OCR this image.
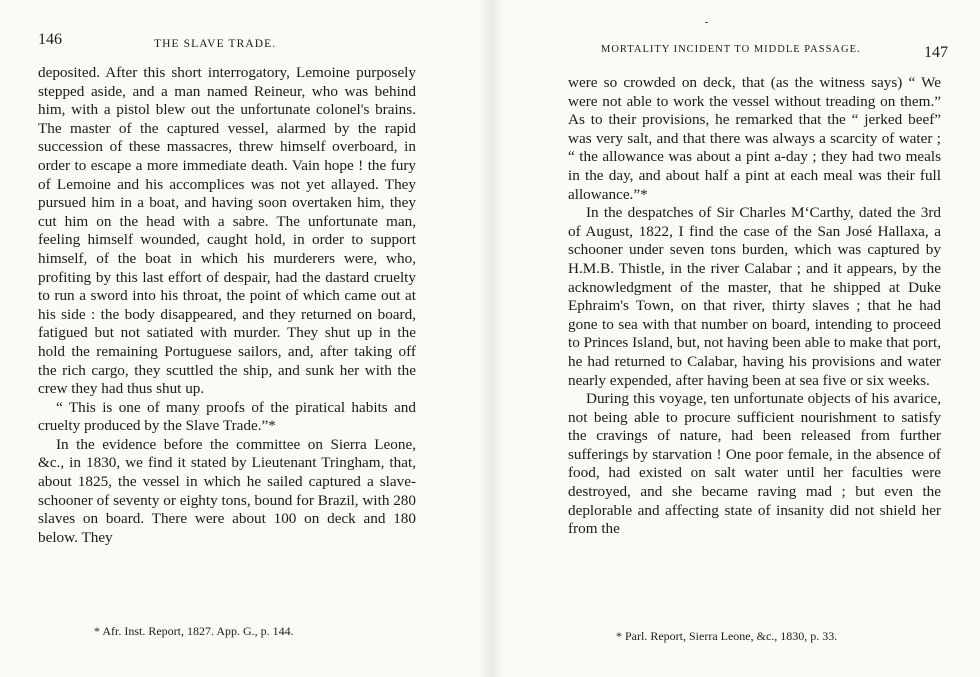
146	THE SLAVE TRADE.

deposited. After this short interrogatory, Lemoine purposely stepped aside, and a man named Reineur, who was behind him, with a pistol blew out the unfortunate colonel's brains. The master of the captured vessel, alarmed by the rapid succession of these massacres, threw himself overboard, in order to escape a more immediate death. Vain hope ! the fury of Lemoine and his accomplices was not yet allayed. They pursued him in a boat, and having soon overtaken him, they cut him on the head with a sabre. The unfortunate man, feeling himself wounded, caught hold, in order to support himself, of the boat in which his murderers were, who, profiting by this last effort of despair, had the dastard cruelty to run a sword into his throat, the point of which came out at his side : the body disappeared, and they returned on board, fatigued but not satiated with murder. They shut up in the hold the remaining Portuguese sailors, and, after taking off the rich cargo, they scuttled the ship, and sunk her with the crew they had thus shut up.

“ This is one of many proofs of the piratical habits and cruelty produced by the Slave Trade.”*

In the evidence before the committee on Sierra Leone, &c., in 1830, we find it stated by Lieutenant Tringham, that, about 1825, the vessel in which he sailed captured a slave-schooner of seventy or eighty tons, bound for Brazil, with 280 slaves on board. There were about 100 on deck and 180 below. They

* Afr. Inst. Report, 1827. App. G., p. 144.
MORTALITY INCIDENT TO MIDDLE PASSAGE.	147

were so crowded on deck, that (as the witness says) “ We were not able to work the vessel without treading on them.” As to their provisions, he remarked that the “ jerked beef” was very salt, and that there was always a scarcity of water ; “ the allowance was about a pint a-day ; they had two meals in the day, and about half a pint at each meal was their full allowance.”*

In the despatches of Sir Charles M‘Carthy, dated the 3rd of August, 1822, I find the case of the San José Hallaxa, a schooner under seven tons burden, which was captured by H.M.B. Thistle, in the river Calabar ; and it appears, by the acknowledgment of the master, that he shipped at Duke Ephraim's Town, on that river, thirty slaves ; that he had gone to sea with that number on board, intending to proceed to Princes Island, but, not having been able to make that port, he had returned to Calabar, having his provisions and water nearly expended, after having been at sea five or six weeks.

During this voyage, ten unfortunate objects of his avarice, not being able to procure sufficient nourishment to satisfy the cravings of nature, had been released from further sufferings by starvation ! One poor female, in the absence of food, had existed on salt water until her faculties were destroyed, and she became raving mad ; but even the deplorable and affecting state of insanity did not shield her from the

* Parl. Report, Sierra Leone, &c., 1830, p. 33.
